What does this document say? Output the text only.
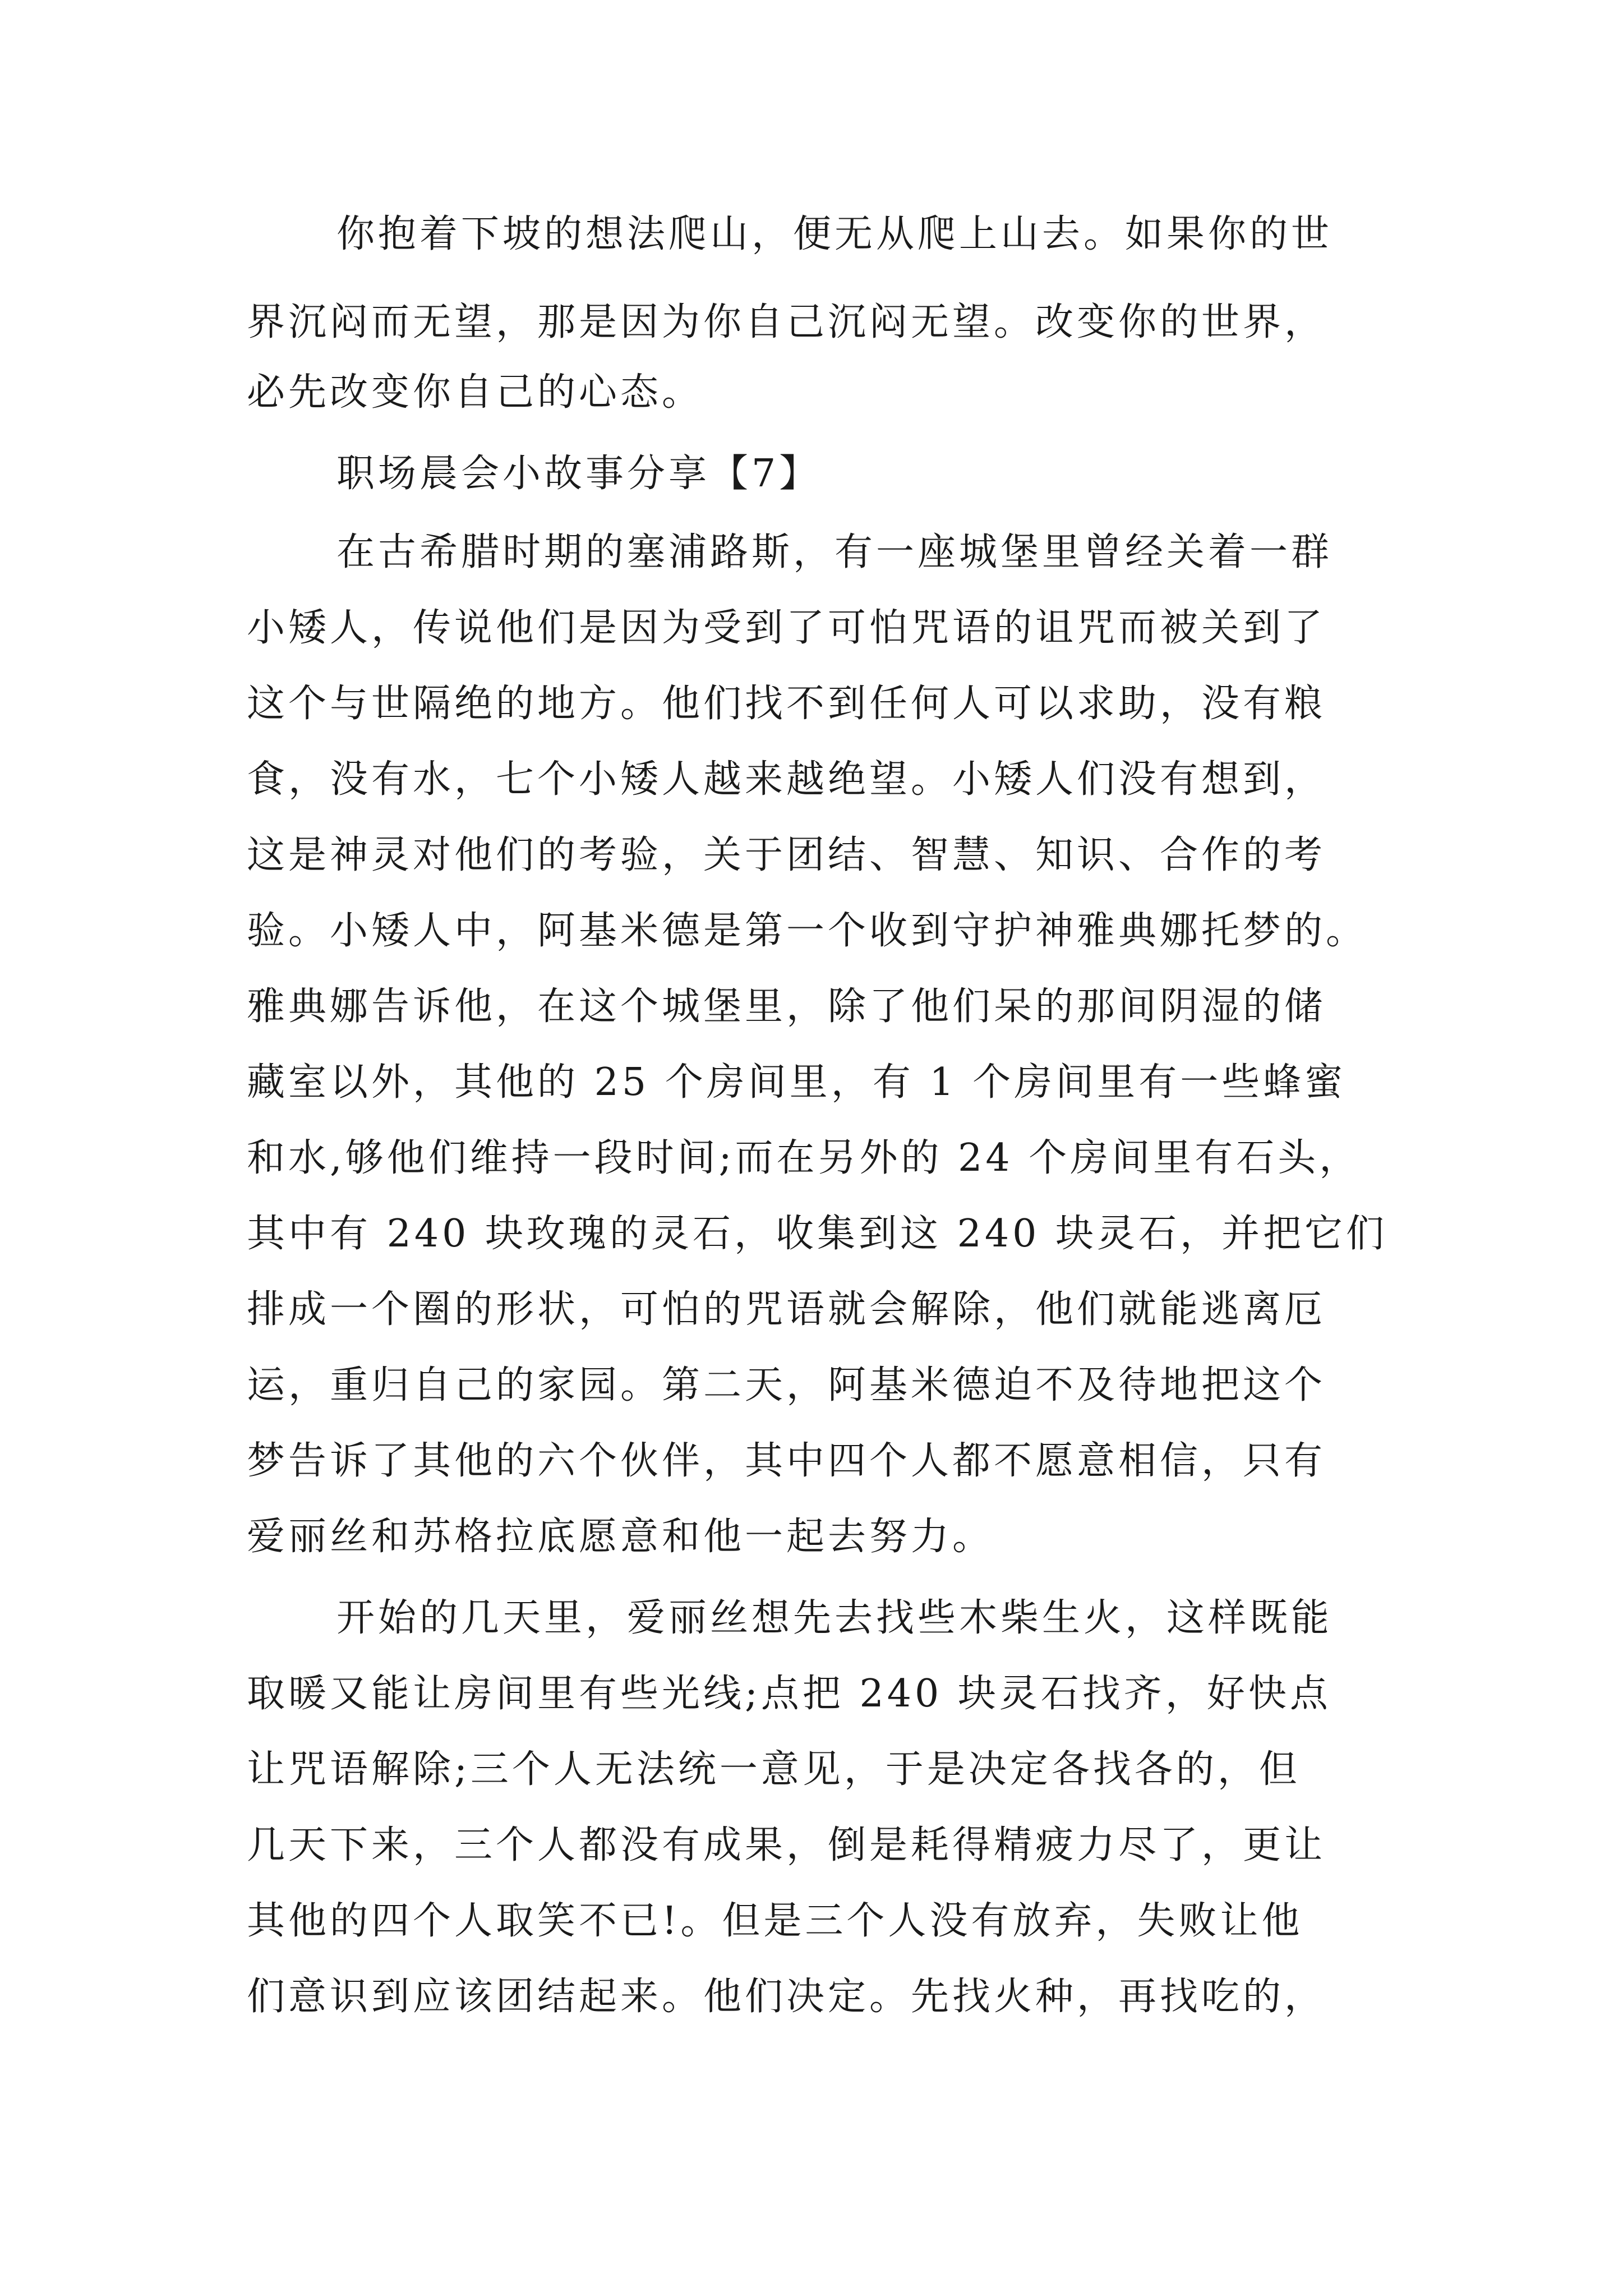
你抱着下坡的想法爬山，便无从爬上山去。如果你的世
界沉闷而无望，那是因为你自己沉闷无望。改变你的世界，
必先改变你自己的心态。
职场晨会小故事分享【7】
在古希腊时期的塞浦路斯，有一座城堡里曾经关着一群
小矮人，传说他们是因为受到了可怕咒语的诅咒而被关到了
这个与世隔绝的地方。他们找不到任何人可以求助，没有粮
食，没有水，七个小矮人越来越绝望。小矮人们没有想到，
这是神灵对他们的考验，关于团结、智慧、知识、合作的考
验。小矮人中，阿基米德是第一个收到守护神雅典娜托梦的。
雅典娜告诉他，在这个城堡里，除了他们呆的那间阴湿的储
藏室以外，其他的 25 个房间里，有 1 个房间里有一些蜂蜜
和水,够他们维持一段时间;而在另外的 24 个房间里有石头，
其中有 240 块玫瑰的灵石，收集到这 240 块灵石，并把它们
排成一个圈的形状，可怕的咒语就会解除，他们就能逃离厄
运，重归自己的家园。第二天，阿基米德迫不及待地把这个
梦告诉了其他的六个伙伴，其中四个人都不愿意相信，只有
爱丽丝和苏格拉底愿意和他一起去努力。
开始的几天里，爱丽丝想先去找些木柴生火，这样既能
取暖又能让房间里有些光线;点把 240 块灵石找齐，好快点
让咒语解除;三个人无法统一意见，于是决定各找各的，但
几天下来，三个人都没有成果，倒是耗得精疲力尽了，更让
其他的四个人取笑不已!。但是三个人没有放弃，失败让他
们意识到应该团结起来。他们决定。先找火种，再找吃的，
